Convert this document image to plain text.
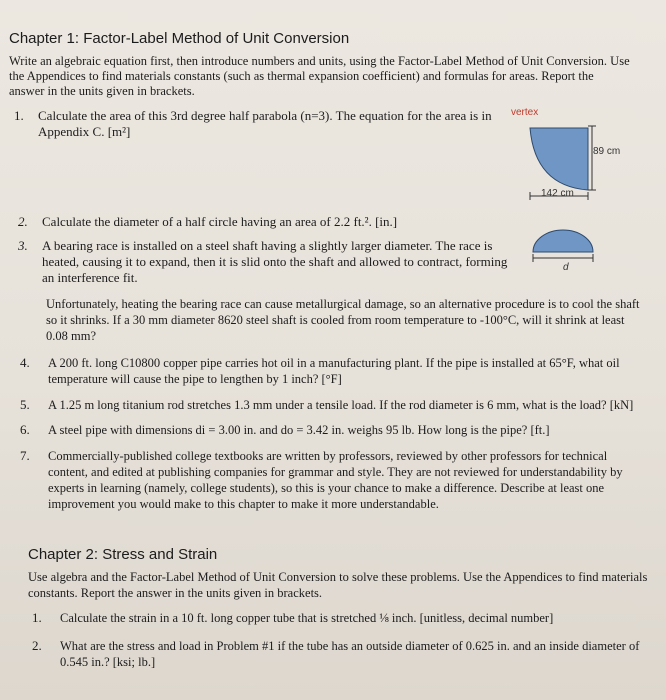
Chapter 1: Factor-Label Method of Unit Conversion
Write an algebraic equation first, then introduce numbers and units, using the Factor-Label Method of Unit Conversion. Use
the Appendices to find materials constants (such as thermal expansion coefficient) and formulas for areas. Report the
answer in the units given in brackets.
1. Calculate the area of this 3rd degree half parabola (n=3). The equation for the area is in
Appendix C. [m²]
vertex
89 cm
142 cm
2. Calculate the diameter of a half circle having an area of 2.2 ft.². [in.]
d
3. A bearing race is installed on a steel shaft having a slightly larger diameter. The race is
heated, causing it to expand, then it is slid onto the shaft and allowed to contract, forming
an interference fit.
Unfortunately, heating the bearing race can cause metallurgical damage, so an alternative procedure is to cool the shaft
so it shrinks. If a 30 mm diameter 8620 steel shaft is cooled from room temperature to -100°C, will it shrink at least
0.08 mm?
4. A 200 ft. long C10800 copper pipe carries hot oil in a manufacturing plant. If the pipe is installed at 65°F, what oil
temperature will cause the pipe to lengthen by 1 inch? [°F]
5. A 1.25 m long titanium rod stretches 1.3 mm under a tensile load. If the rod diameter is 6 mm, what is the load? [kN]
6. A steel pipe with dimensions di = 3.00 in. and do = 3.42 in. weighs 95 lb. How long is the pipe? [ft.]
7. Commercially-published college textbooks are written by professors, reviewed by other professors for technical
content, and edited at publishing companies for grammar and style. They are not reviewed for understandability by
experts in learning (namely, college students), so this is your chance to make a difference. Describe at least one
improvement you would make to this chapter to make it more understandable.
Chapter 2: Stress and Strain
Use algebra and the Factor-Label Method of Unit Conversion to solve these problems. Use the Appendices to find materials
constants. Report the answer in the units given in brackets.
1. Calculate the strain in a 10 ft. long copper tube that is stretched ⅛ inch. [unitless, decimal number]
2. What are the stress and load in Problem #1 if the tube has an outside diameter of 0.625 in. and an inside diameter of
0.545 in.? [ksi; lb.]
